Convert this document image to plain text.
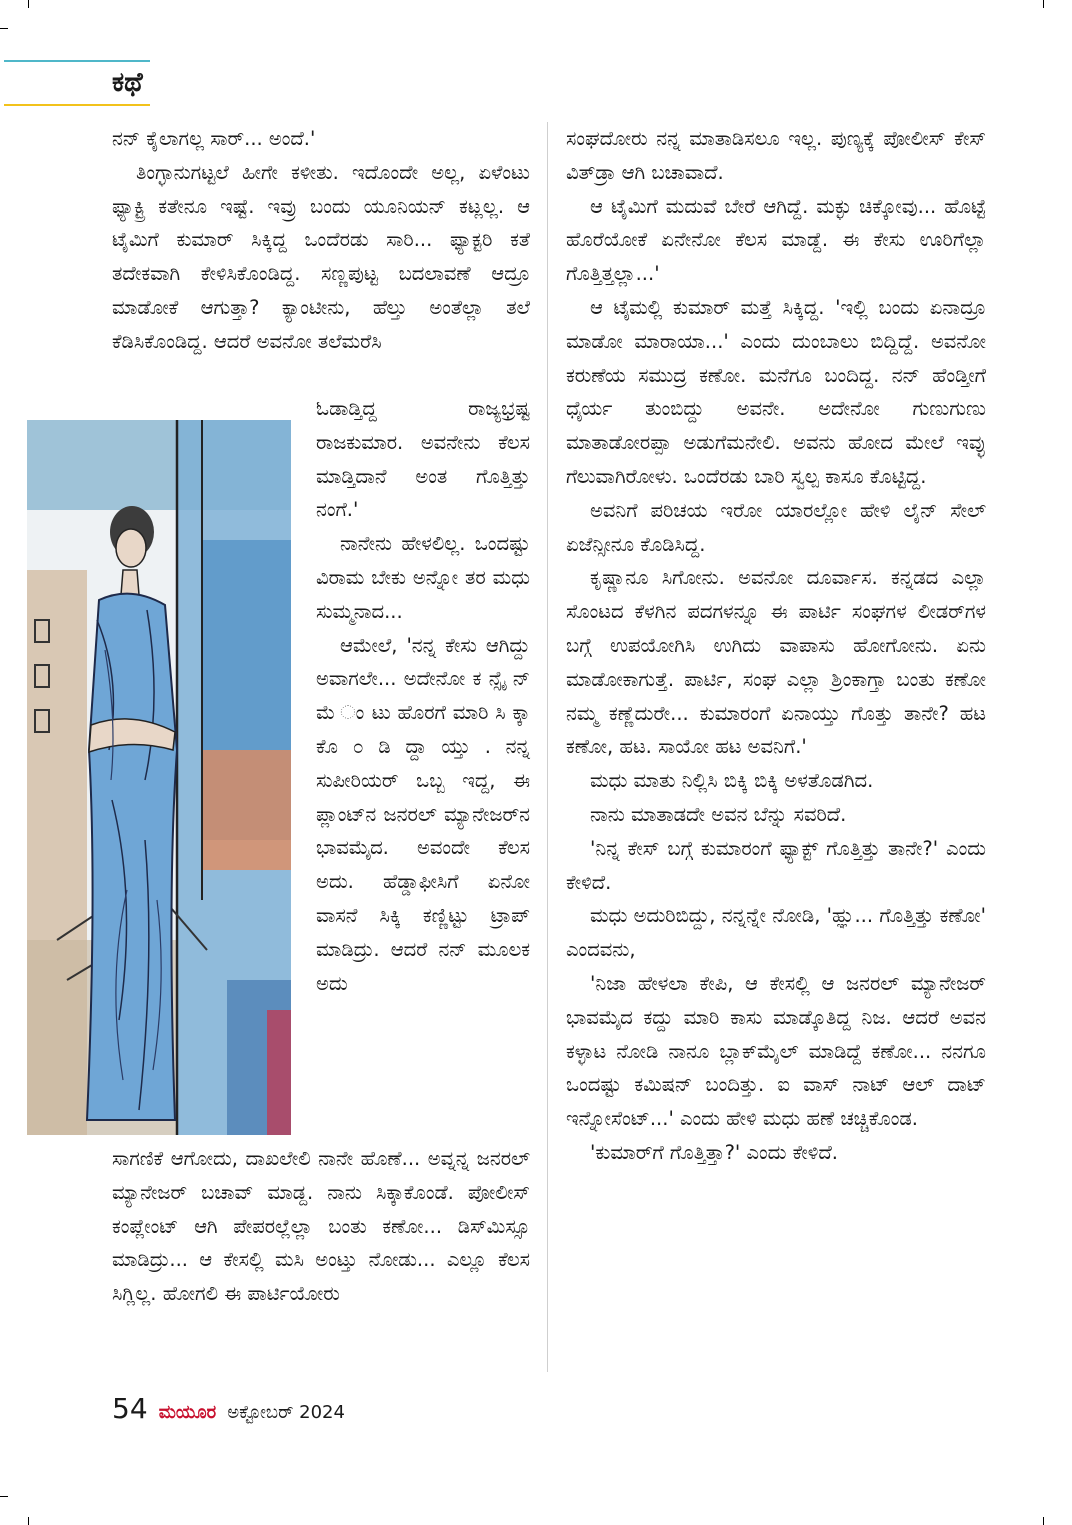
ಕಥೆ

ನನ್ ಕೈಲಾಗಲ್ಲ ಸಾರ್... ಅಂದೆ.'

ತಿಂಗ್ಳಾನುಗಟ್ಟಲೆ ಹೀಗೇ ಕಳೀತು. ಇದೊಂದೇ ಅಲ್ಲ, ಏಳೆಂಟು ಫ್ಯಾಕ್ಟ್ರಿ ಕತೇನೂ ಇಷ್ಟೆ. ಇವ್ರು ಬಂದು ಯೂನಿಯನ್ ಕಟ್ಲಲ್ಲ. ಆ ಟೈಮಿಗೆ ಕುಮಾರ್ ಸಿಕ್ಕಿದ್ದ ಒಂದೆರಡು ಸಾರಿ... ಫ್ಯಾಕ್ಟರಿ ಕತೆ ತದೇಕವಾಗಿ ಕೇಳಿಸಿಕೊಂಡಿದ್ದ. ಸಣ್ಣಪುಟ್ಟ ಬದಲಾವಣೆ ಆದ್ರೂ ಮಾಡೋಕೆ ಆಗುತ್ತಾ? ಕ್ಯಾಂಟೀನು, ಹೆಲ್ತು ಅಂತೆಲ್ಲಾ ತಲೆ ಕೆಡಿಸಿಕೊಂಡಿದ್ದ. ಆದರೆ ಅವನೋ ತಲೆಮರೆಸಿ

ಓಡಾಡ್ತಿದ್ದ ರಾಜ್ಯಭ್ರಷ್ಟ ರಾಜಕುಮಾರ. ಅವನೇನು ಕೆಲಸ ಮಾಡ್ತಿದಾನೆ ಅಂತ ಗೊತ್ತಿತ್ತು ನಂಗೆ.'

ನಾನೇನು ಹೇಳಲಿಲ್ಲ. ಒಂದಷ್ಟು ವಿರಾಮ ಬೇಕು ಅನ್ನೋ ತರ ಮಧು ಸುಮ್ಮನಾದ...

ಆಮೇಲೆ, 'ನನ್ನ ಕೇಸು ಆಗಿದ್ದು ಅವಾಗಲೇ... ಅದೇನೋ ಕ ನ್ಸೈ ನ್ ಮೆ ಂ ಟು ಹೊರಗೆ ಮಾರಿ ಸಿ ಕ್ಕಾ ಕೊ ೦ ಡಿ ದ್ದಾ ಯ್ತು . ನನ್ನ ಸುಪೀರಿಯರ್ ಒಬ್ಬ ಇದ್ದ, ಈ ಪ್ಲಾಂಟ್‌ನ ಜನರಲ್ ಮ್ಯಾನೇಜರ್‌ನ ಭಾವಮೈದ. ಅವಂದೇ ಕೆಲಸ ಅದು. ಹೆಡ್ಡಾಫೀಸಿಗೆ ಏನೋ ವಾಸನೆ ಸಿಕ್ಕಿ ಕಣ್ಣಿಟ್ಟು ಟ್ರಾಪ್ ಮಾಡಿದ್ರು. ಆದರೆ ನನ್ ಮೂಲಕ ಅದು

ಸಾಗಣಿಕೆ ಆಗೋದು, ದಾಖಲೇಲಿ ನಾನೇ ಹೊಣೆ... ಅವ್ನನ್ನ ಜನರಲ್ ಮ್ಯಾನೇಜರ್ ಬಚಾವ್ ಮಾಡ್ದ. ನಾನು ಸಿಕ್ಕಾಕೊಂಡೆ. ಪೋಲೀಸ್ ಕಂಪ್ಲೇಂಟ್ ಆಗಿ ಪೇಪರಲ್ಲೆಲ್ಲಾ ಬಂತು ಕಣೋ... ಡಿಸ್‌ಮಿಸ್ಸೂ ಮಾಡಿದ್ರು... ಆ ಕೇಸಲ್ಲಿ ಮಸಿ ಅಂಟ್ತು ನೋಡು... ಎಲ್ಲೂ ಕೆಲಸ ಸಿಗ್ಲಿಲ್ಲ. ಹೋಗಲಿ ಈ ಪಾರ್ಟಿಯೋರು

ಸಂಘದೋರು ನನ್ನ ಮಾತಾಡಿಸಲೂ ಇಲ್ಲ. ಪುಣ್ಯಕ್ಕೆ ಪೋಲೀಸ್ ಕೇಸ್ ವಿತ್‌ಡ್ರಾ ಆಗಿ ಬಚಾವಾದೆ.

ಆ ಟೈಮಿಗೆ ಮದುವೆ ಬೇರೆ ಆಗಿದ್ದೆ. ಮಕ್ಳು ಚಿಕ್ಕೋವು... ಹೊಟ್ಟೆ ಹೊರೆಯೋಕೆ ಏನೇನೋ ಕೆಲಸ ಮಾಡ್ದೆ. ಈ ಕೇಸು ಊರಿಗೆಲ್ಲಾ ಗೊತ್ತಿತ್ತಲ್ಲಾ...'

ಆ ಟೈಮಲ್ಲಿ ಕುಮಾರ್ ಮತ್ತೆ ಸಿಕ್ಕಿದ್ದ. 'ಇಲ್ಲಿ ಬಂದು ಏನಾದ್ರೂ ಮಾಡೋ ಮಾರಾಯಾ...' ಎಂದು ದುಂಬಾಲು ಬಿದ್ದಿದ್ದೆ. ಅವನೋ ಕರುಣೆಯ ಸಮುದ್ರ ಕಣೋ. ಮನೆಗೂ ಬಂದಿದ್ದ. ನನ್ ಹೆಂಡ್ತೀಗೆ ಧೈರ್ಯ ತುಂಬಿದ್ದು ಅವನೇ. ಅದೇನೋ ಗುಣುಗುಣು ಮಾತಾಡೋರಪ್ಪಾ ಅಡುಗೆಮನೇಲಿ. ಅವನು ಹೋದ ಮೇಲೆ ಇವ್ಳು ಗೆಲುವಾಗಿರೋಳು. ಒಂದೆರಡು ಬಾರಿ ಸ್ವಲ್ಪ ಕಾಸೂ ಕೊಟ್ಟಿದ್ದ.

ಅವನಿಗೆ ಪರಿಚಯ ಇರೋ ಯಾರಲ್ಲೋ ಹೇಳಿ ಲೈನ್ ಸೇಲ್ ಏಜೆನ್ಸೀನೂ ಕೊಡಿಸಿದ್ದ.

ಕೃಷ್ಣಾನೂ ಸಿಗೋನು. ಅವನೋ ದೂರ್ವಾಸ. ಕನ್ನಡದ ಎಲ್ಲಾ ಸೊಂಟದ ಕೆಳಗಿನ ಪದಗಳನ್ನೂ ಈ ಪಾರ್ಟಿ ಸಂಘಗಳ ಲೀಡರ್‌ಗಳ ಬಗ್ಗೆ ಉಪಯೋಗಿಸಿ ಉಗಿದು ವಾಪಾಸು ಹೋಗೋನು. ಏನು ಮಾಡೋಕಾಗುತ್ತೆ. ಪಾರ್ಟಿ, ಸಂಘ ಎಲ್ಲಾ ಶ್ರಿಂಕಾಗ್ತಾ ಬಂತು ಕಣೋ ನಮ್ಮ ಕಣ್ಣೆದುರೇ... ಕುಮಾರಂಗೆ ಏನಾಯ್ತು ಗೊತ್ತು ತಾನೇ? ಹಟ ಕಣೋ, ಹಟ. ಸಾಯೋ ಹಟ ಅವನಿಗೆ.'

ಮಧು ಮಾತು ನಿಲ್ಲಿಸಿ ಬಿಕ್ಕಿ ಬಿಕ್ಕಿ ಅಳತೊಡಗಿದ.

ನಾನು ಮಾತಾಡದೇ ಅವನ ಬೆನ್ನು ಸವರಿದೆ.

'ನಿನ್ನ ಕೇಸ್ ಬಗ್ಗೆ ಕುಮಾರಂಗೆ ಫ್ಯಾಕ್ಟ್ ಗೊತ್ತಿತ್ತು ತಾನೇ?' ಎಂದು ಕೇಳಿದೆ.

ಮಧು ಅದುರಿಬಿದ್ದು, ನನ್ನನ್ನೇ ನೋಡಿ, 'ಹ್ಞು... ಗೊತ್ತಿತ್ತು ಕಣೋ' ಎಂದವನು,

'ನಿಜಾ ಹೇಳಲಾ ಕೇಪಿ, ಆ ಕೇಸಲ್ಲಿ ಆ ಜನರಲ್ ಮ್ಯಾನೇಜರ್ ಭಾವಮೈದ ಕದ್ದು ಮಾರಿ ಕಾಸು ಮಾಡ್ಕೊತಿದ್ದ ನಿಜ. ಆದರೆ ಅವನ ಕಳ್ಳಾಟ ನೋಡಿ ನಾನೂ ಬ್ಲಾಕ್‌ಮೈಲ್ ಮಾಡಿದ್ದೆ ಕಣೋ... ನನಗೂ ಒಂದಷ್ಟು ಕಮಿಷನ್ ಬಂದಿತ್ತು. ಐ ವಾಸ್ ನಾಟ್ ಆಲ್ ದಾಟ್ ಇನ್ನೋಸೆಂಟ್...' ಎಂದು ಹೇಳಿ ಮಧು ಹಣೆ ಚಚ್ಚಿಕೊಂಡ.

'ಕುಮಾರ್‌ಗೆ ಗೊತ್ತಿತ್ತಾ?' ಎಂದು ಕೇಳಿದೆ.

54 ಮಯೂರ ಅಕ್ಟೋಬರ್ 2024
